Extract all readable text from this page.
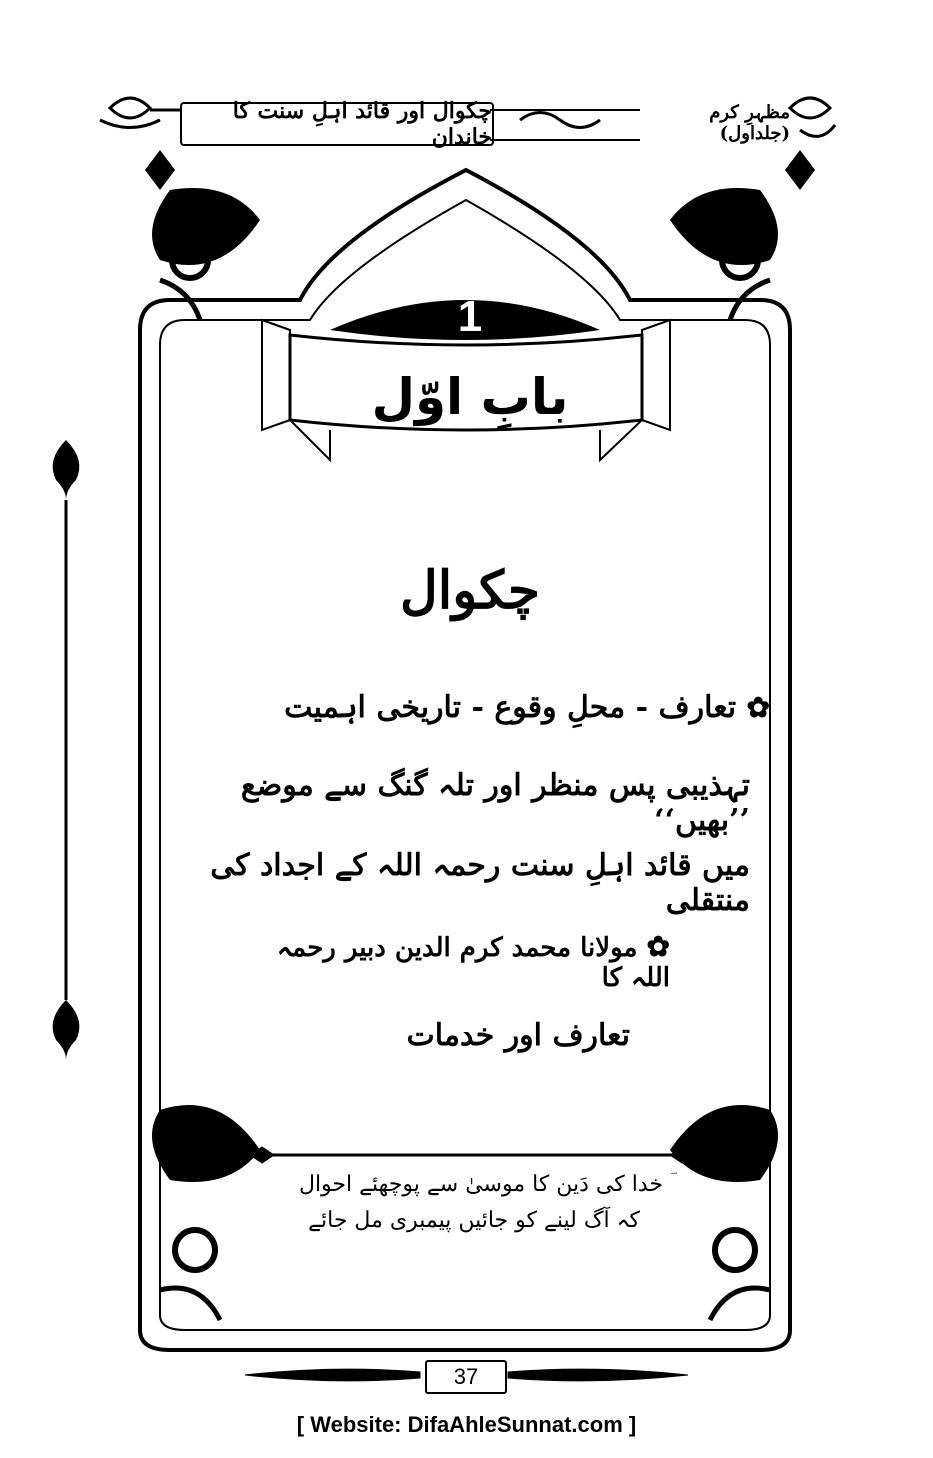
چکوال اور قائد اہلِ سنت کا خاندان
مظہرِ کرم (جلداول)
1
بابِ اوّل
چکوال
✿ تعارف - محلِ وقوع - تاریخی اہمیت
تہذیبی پس منظر اور تلہ گنگ سے موضع ’’بھیں‘‘
میں قائد اہلِ سنت رحمہ اللہ کے اجداد کی منتقلی
✿ مولانا محمد کرم الدین دبیر رحمہ اللہ کا
تعارف اور خدمات
خدا کی دَین کا موسیٰ سے پوچھئے احوال
کہ آگ لینے کو جائیں پیمبری مل جائے
37
[ Website: DifaAhleSunnat.com ]
